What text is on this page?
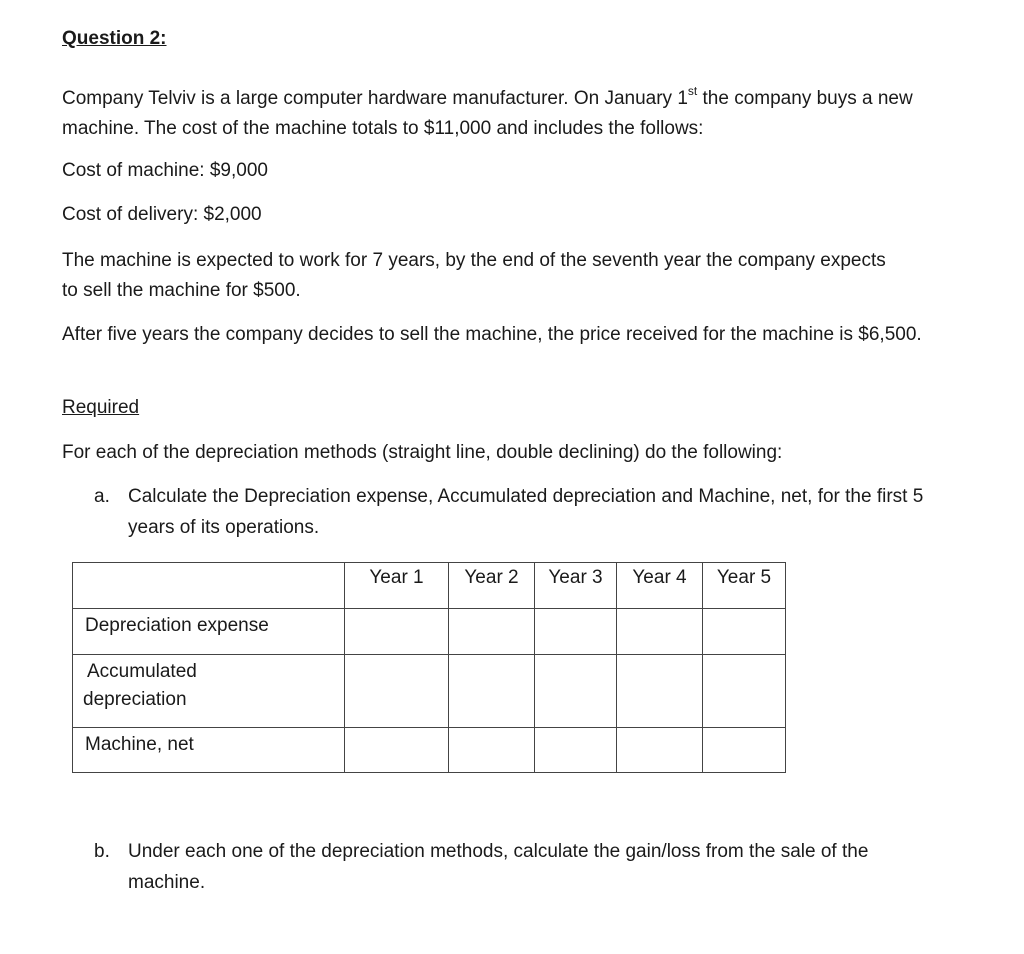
Question 2:

Company Telviv is a large computer hardware manufacturer. On January 1st the company buys a new machine. The cost of the machine totals to $11,000 and includes the follows:

Cost of machine: $9,000

Cost of delivery: $2,000

The machine is expected to work for 7 years, by the end of the seventh year the company expects to sell the machine for $500.

After five years the company decides to sell the machine, the price received for the machine is $6,500.

Required

For each of the depreciation methods (straight line, double declining) do the following:

a. Calculate the Depreciation expense, Accumulated depreciation and Machine, net, for the first 5 years of its operations.
b. Under each one of the depreciation methods, calculate the gain/loss from the sale of the machine.
	Year 1	Year 2	Year 3	Year 4	Year 5
Depreciation expense					

Accumulated
depreciation					

Machine, net					
